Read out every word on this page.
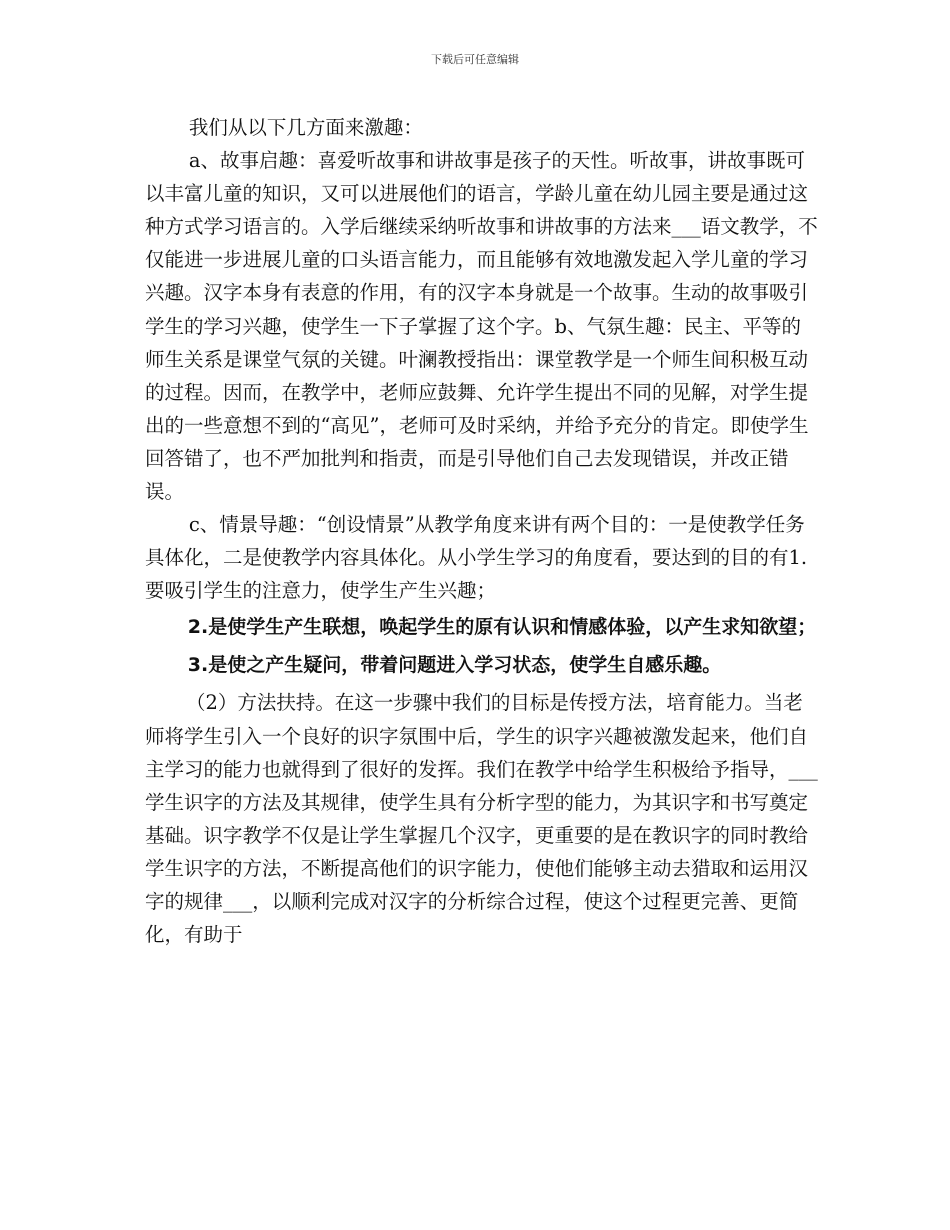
下载后可任意编辑

我们从以下几方面来激趣：

a、故事启趣：喜爱听故事和讲故事是孩子的天性。听故事，讲故事既可以丰富儿童的知识，又可以进展他们的语言，学龄儿童在幼儿园主要是通过这种方式学习语言的。入学后继续采纳听故事和讲故事的方法来___语文教学，不仅能进一步进展儿童的口头语言能力，而且能够有效地激发起入学儿童的学习兴趣。汉字本身有表意的作用，有的汉字本身就是一个故事。生动的故事吸引学生的学习兴趣，使学生一下子掌握了这个字。b、气氛生趣：民主、平等的师生关系是课堂气氛的关键。叶澜教授指出：课堂教学是一个师生间积极互动的过程。因而，在教学中，老师应鼓舞、允许学生提出不同的见解，对学生提出的一些意想不到的“高见”，老师可及时采纳，并给予充分的肯定。即使学生回答错了，也不严加批判和指责，而是引导他们自己去发现错误，并改正错误。

c、情景导趣：“创设情景”从教学角度来讲有两个目的：一是使教学任务具体化，二是使教学内容具体化。从小学生学习的角度看，要达到的目的有1.要吸引学生的注意力，使学生产生兴趣；

2.是使学生产生联想，唤起学生的原有认识和情感体验，以产生求知欲望；

3.是使之产生疑问，带着问题进入学习状态，使学生自感乐趣。

（2）方法扶持。在这一步骤中我们的目标是传授方法，培育能力。当老师将学生引入一个良好的识字氛围中后，学生的识字兴趣被激发起来，他们自主学习的能力也就得到了很好的发挥。我们在教学中给学生积极给予指导，___学生识字的方法及其规律，使学生具有分析字型的能力，为其识字和书写奠定基础。识字教学不仅是让学生掌握几个汉字，更重要的是在教识字的同时教给学生识字的方法，不断提高他们的识字能力，使他们能够主动去猎取和运用汉字的规律___，以顺利完成对汉字的分析综合过程，使这个过程更完善、更简化，有助于
